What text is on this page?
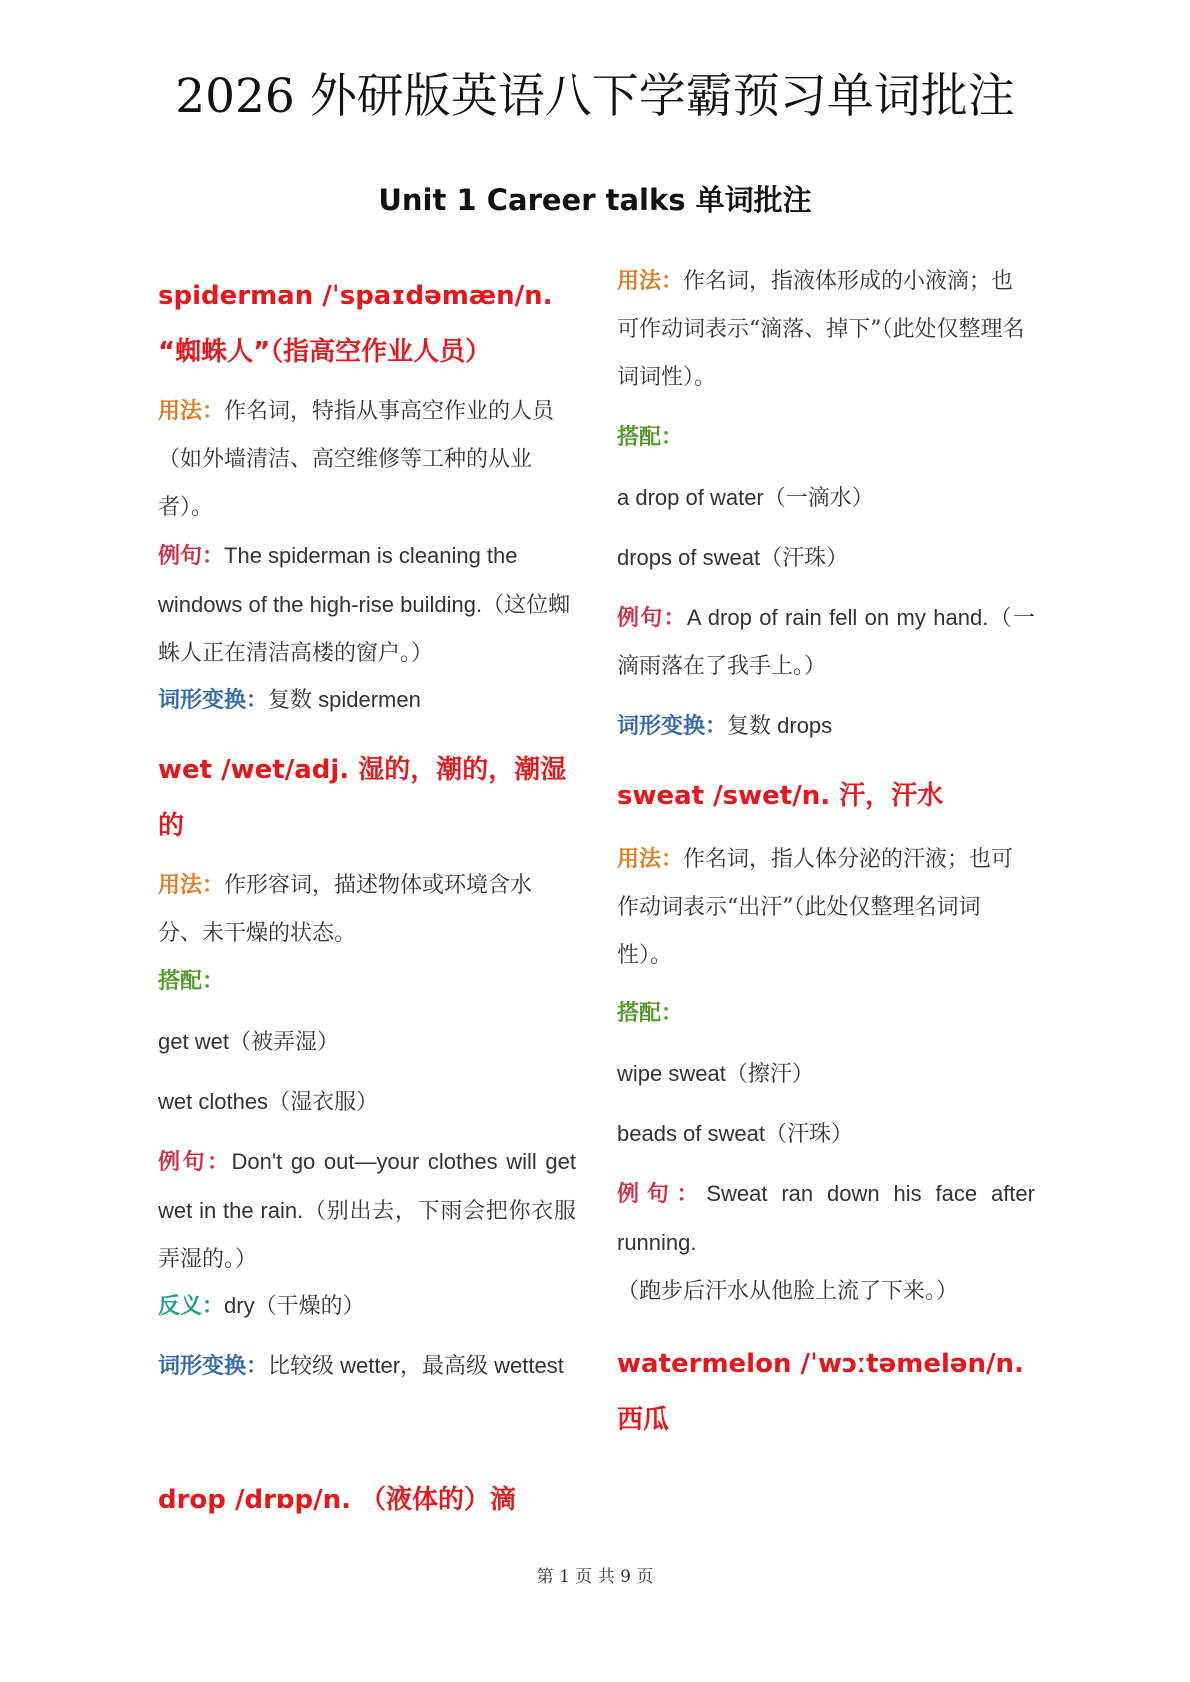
2026 外研版英语八下学霸预习单词批注
Unit 1 Career talks 单词批注

spiderman /ˈspaɪdəmæn/n. “蜘蛛人”（指高空作业人员）

用法：作名词，特指从事高空作业的人员（如外墙清洁、高空维修等工种的从业者）。

例句：The spiderman is cleaning the windows of the high-rise building.（这位蜘蛛人正在清洁高楼的窗户。）

词形变换：复数 spidermen

wet /wet/adj. 湿的，潮的，潮湿的

用法：作形容词，描述物体或环境含水分、未干燥的状态。

搭配：

get wet（被弄湿）

wet clothes（湿衣服）

例句：Don't go out—your clothes will get wet in the rain.（别出去，下雨会把你衣服弄湿的。）

反义：dry（干燥的）

词形变换：比较级 wetter，最高级 wettest

drop /drɒp/n. （液体的）滴

用法：作名词，指液体形成的小液滴；也可作动词表示“滴落、掉下”（此处仅整理名词词性）。

搭配：

a drop of water（一滴水）

drops of sweat（汗珠）

例句：A drop of rain fell on my hand.（一滴雨落在了我手上。）

词形变换：复数 drops

sweat /swet/n. 汗，汗水

用法：作名词，指人体分泌的汗液；也可作动词表示“出汗”（此处仅整理名词词性）。

搭配：

wipe sweat（擦汗）

beads of sweat（汗珠）

例句：Sweat ran down his face after running.（跑步后汗水从他脸上流了下来。）

watermelon /ˈwɔːtəmelən/n. 西瓜

第 1 页 共 9 页
